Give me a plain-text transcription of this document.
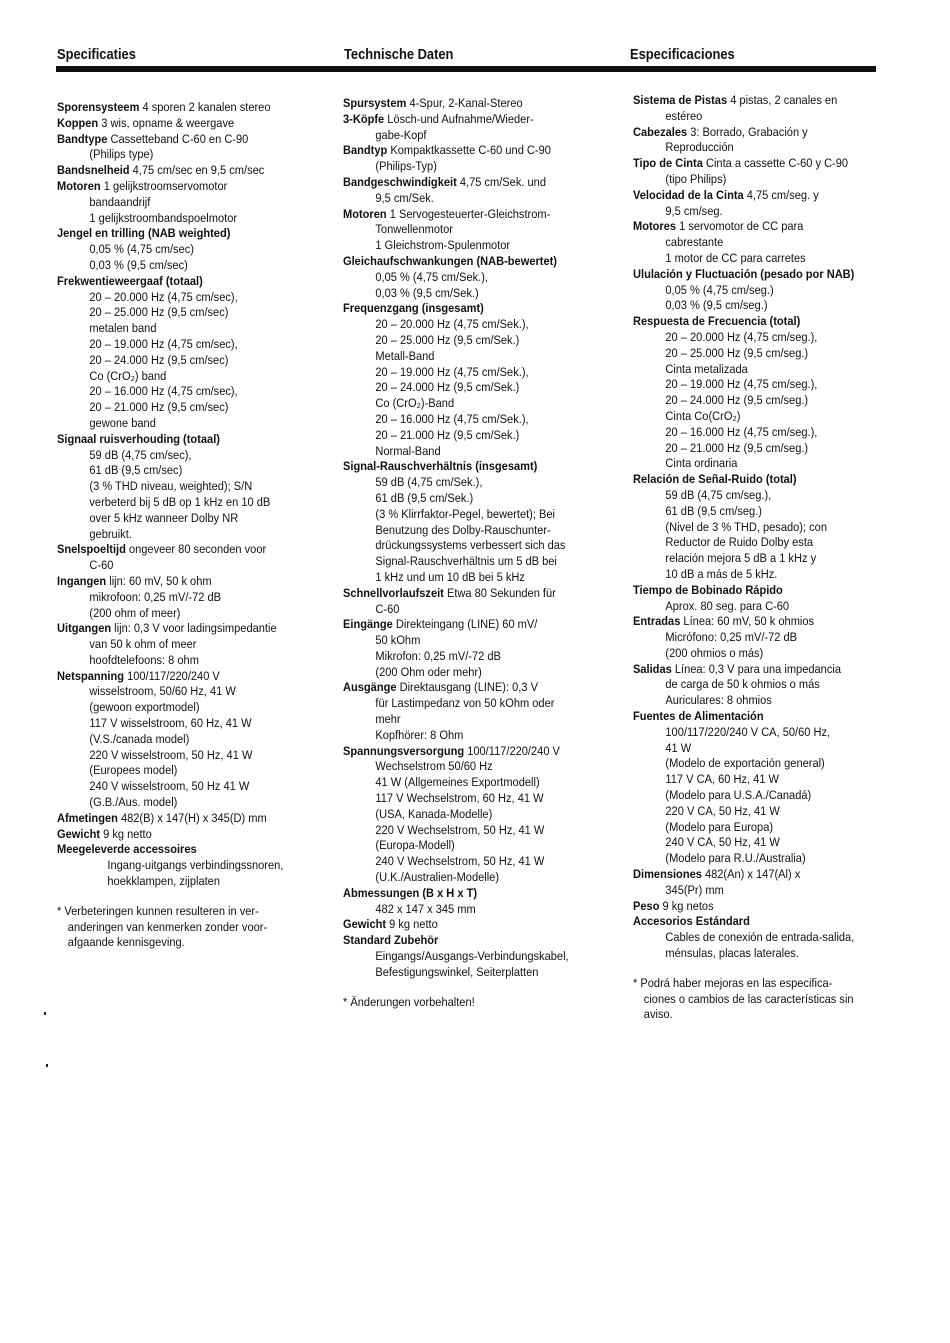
Specificaties	Technische Daten	Especificaciones
Sporensysteem 4 sporen 2 kanalen stereo
Koppen 3 wis, opname & weergave
Bandtype Cassetteband C-60 en C-90
(Philips type)
Bandsnelheid 4,75 cm/sec en 9,5 cm/sec
Motoren 1 gelijkstroomservomotor
bandaandrijf
1 gelijkstroombandspoelmotor
Jengel en trilling (NAB weighted)
0,05 % (4,75 cm/sec)
0,03 % (9,5 cm/sec)
Frekwentieweergaaf (totaal)
20 – 20.000 Hz (4,75 cm/sec),
20 – 25.000 Hz (9,5 cm/sec)
metalen band
20 – 19.000 Hz (4,75 cm/sec),
20 – 24.000 Hz (9,5 cm/sec)
Co (CrO₂) band
20 – 16.000 Hz (4,75 cm/sec),
20 – 21.000 Hz (9,5 cm/sec)
gewone band
Signaal ruisverhouding (totaal)
59 dB (4,75 cm/sec),
61 dB (9,5 cm/sec)
(3 % THD niveau, weighted); S/N
verbeterd bij 5 dB op 1 kHz en 10 dB
over 5 kHz wanneer Dolby NR
gebruikt.
Snelspoeltijd ongeveer 80 seconden voor
C-60
Ingangen lijn: 60 mV, 50 k ohm
mikrofoon: 0,25 mV/-72 dB
(200 ohm of meer)
Uitgangen lijn: 0,3 V voor ladingsimpedantie
van 50 k ohm of meer
hoofdtelefoons: 8 ohm
Netspanning 100/117/220/240 V
wisselstroom, 50/60 Hz, 41 W
(gewoon exportmodel)
117 V wisselstroom, 60 Hz, 41 W
(V.S./canada model)
220 V wisselstroom, 50 Hz, 41 W
(Europees model)
240 V wisselstroom, 50 Hz 41 W
(G.B./Aus. model)
Afmetingen 482(B) x 147(H) x 345(D) mm
Gewicht 9 kg netto
Meegeleverde accessoires
Ingang-uitgangs verbindingssnoren,
hoekklampen, zijplaten
* Verbeteringen kunnen resulteren in ver-
anderingen van kenmerken zonder voor-
afgaande kennisgeving.
Spursystem 4-Spur, 2-Kanal-Stereo
3-Köpfe Lösch-und Aufnahme/Wieder-
gabe-Kopf
Bandtyp Kompaktkassette C-60 und C-90
(Philips-Typ)
Bandgeschwindigkeit 4,75 cm/Sek. und
9,5 cm/Sek.
Motoren 1 Servogesteuerter-Gleichstrom-
Tonwellenmotor
1 Gleichstrom-Spulenmotor
Gleichaufschwankungen (NAB-bewertet)
0,05 % (4,75 cm/Sek.),
0,03 % (9,5 cm/Sek.)
Frequenzgang (insgesamt)
20 – 20.000 Hz (4,75 cm/Sek.),
20 – 25.000 Hz (9,5 cm/Sek.)
Metall-Band
20 – 19.000 Hz (4,75 cm/Sek.),
20 – 24.000 Hz (9,5 cm/Sek.)
Co (CrO₂)-Band
20 – 16.000 Hz (4,75 cm/Sek.),
20 – 21.000 Hz (9,5 cm/Sek.)
Normal-Band
Signal-Rauschverhältnis (insgesamt)
59 dB (4,75 cm/Sek.),
61 dB (9,5 cm/Sek.)
(3 % Klirrfaktor-Pegel, bewertet); Bei
Benutzung des Dolby-Rauschunter-
drückungssystems verbessert sich das
Signal-Rauschverhältnis um 5 dB bei
1 kHz und um 10 dB bei 5 kHz
Schnellvorlaufszeit Etwa 80 Sekunden für
C-60
Eingänge Direkteingang (LINE) 60 mV/
50 kOhm
Mikrofon: 0,25 mV/-72 dB
(200 Ohm oder mehr)
Ausgänge Direktausgang (LINE): 0,3 V
für Lastimpedanz von 50 kOhm oder
mehr
Kopfhörer: 8 Ohm
Spannungsversorgung 100/117/220/240 V
Wechselstrom 50/60 Hz
41 W (Allgemeines Exportmodell)
117 V Wechselstrom, 60 Hz, 41 W
(USA, Kanada-Modelle)
220 V Wechselstrom, 50 Hz, 41 W
(Europa-Modell)
240 V Wechselstrom, 50 Hz, 41 W
(U.K./Australien-Modelle)
Abmessungen (B x H x T)
482 x 147 x 345 mm
Gewicht 9 kg netto
Standard Zubehör
Eingangs/Ausgangs-Verbindungskabel,
Befestigungswinkel, Seiterplatten
* Änderungen vorbehalten!
Sistema de Pistas 4 pistas, 2 canales en
estéreo
Cabezales 3: Borrado, Grabación y
Reproducción
Tipo de Cinta Cinta a cassette C-60 y C-90
(tipo Philips)
Velocidad de la Cinta 4,75 cm/seg. y
9,5 cm/seg.
Motores 1 servomotor de CC para
cabrestante
1 motor de CC para carretes
Ululación y Fluctuación (pesado por NAB)
0,05 % (4,75 cm/seg.)
0,03 % (9,5 cm/seg.)
Respuesta de Frecuencia (total)
20 – 20.000 Hz (4,75 cm/seg.),
20 – 25.000 Hz (9,5 cm/seg.)
Cinta metalizada
20 – 19.000 Hz (4,75 cm/seg.),
20 – 24.000 Hz (9,5 cm/seg.)
Cinta Co(CrO₂)
20 – 16.000 Hz (4,75 cm/seg.),
20 – 21.000 Hz (9,5 cm/seg.)
Cinta ordinaria
Relación de Señal-Ruido (total)
59 dB (4,75 cm/seg.),
61 dB (9,5 cm/seg.)
(Nivel de 3 % THD, pesado); con
Reductor de Ruido Dolby esta
relación mejora 5 dB a 1 kHz y
10 dB a más de 5 kHz.
Tiempo de Bobinado Rápido
Aprox. 80 seg. para C-60
Entradas Línea: 60 mV, 50 k ohmios
Micrófono: 0,25 mV/-72 dB
(200 ohmios o más)
Salidas Línea: 0,3 V para una impedancia
de carga de 50 k ohmios o más
Auriculares: 8 ohmios
Fuentes de Alimentación
100/117/220/240 V CA, 50/60 Hz,
41 W
(Modelo de exportación general)
117 V CA, 60 Hz, 41 W
(Modelo para U.S.A./Canadá)
220 V CA, 50 Hz, 41 W
(Modelo para Europa)
240 V CA, 50 Hz, 41 W
(Modelo para R.U./Australia)
Dimensiones 482(An) x 147(Al) x
345(Pr) mm
Peso 9 kg netos
Accesorios Estándard
Cables de conexión de entrada-salida,
ménsulas, placas laterales.
* Podrá haber mejoras en las especifica-
ciones o cambios de las características sin
aviso.
